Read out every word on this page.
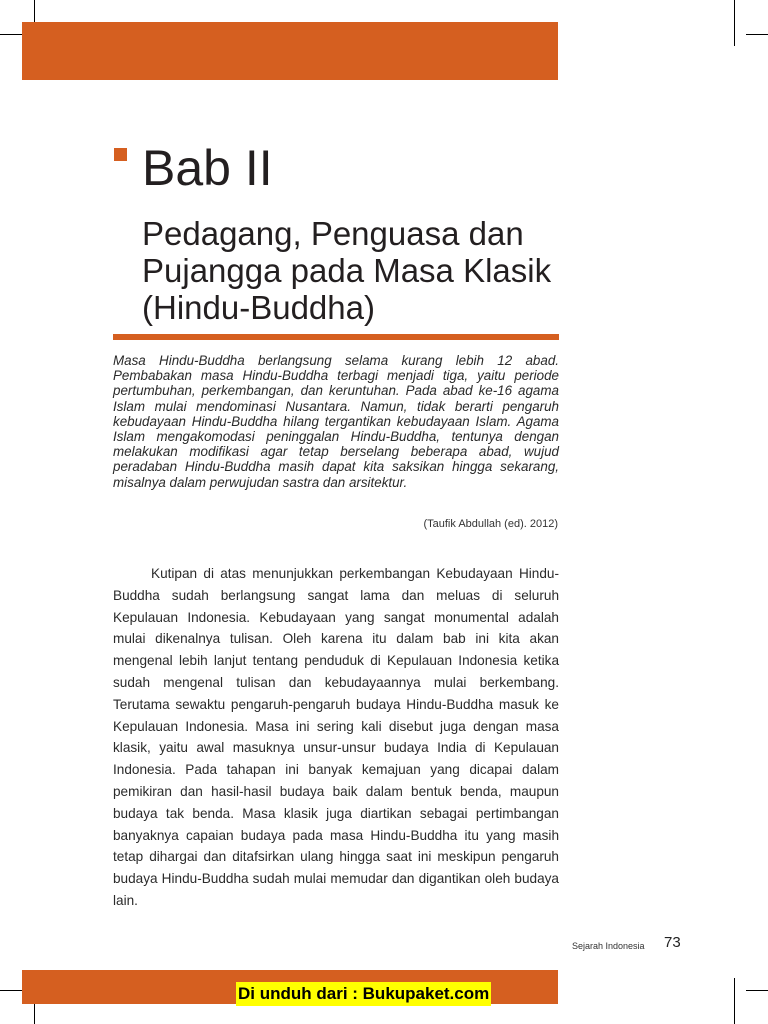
Bab II
Pedagang, Penguasa dan Pujangga pada Masa Klasik (Hindu-Buddha)

Masa Hindu-Buddha berlangsung selama kurang lebih 12 abad. Pembabakan masa Hindu-Buddha terbagi menjadi tiga, yaitu periode pertumbuhan, perkembangan, dan keruntuhan. Pada abad ke-16 agama Islam mulai mendominasi Nusantara. Namun, tidak berarti pengaruh kebudayaan Hindu-Buddha hilang tergantikan kebudayaan Islam. Agama Islam mengakomodasi peninggalan Hindu-Buddha, tentunya dengan melakukan modifikasi agar tetap berselang beberapa abad, wujud peradaban Hindu-Buddha masih dapat kita saksikan hingga sekarang, misalnya dalam perwujudan sastra dan arsitektur.

(Taufik Abdullah (ed). 2012)

Kutipan di atas menunjukkan perkembangan Kebudayaan Hindu-Buddha sudah berlangsung sangat lama dan meluas di seluruh Kepulauan Indonesia. Kebudayaan yang sangat monumental adalah mulai dikenalnya tulisan. Oleh karena itu dalam bab ini kita akan mengenal lebih lanjut tentang penduduk di Kepulauan Indonesia ketika sudah mengenal tulisan dan kebudayaannya mulai berkembang. Terutama sewaktu pengaruh-pengaruh budaya Hindu-Buddha masuk ke Kepulauan Indonesia. Masa ini sering kali disebut juga dengan masa klasik, yaitu awal masuknya unsur-unsur budaya India di Kepulauan Indonesia. Pada tahapan ini banyak kemajuan yang dicapai dalam pemikiran dan hasil-hasil budaya baik dalam bentuk benda, maupun budaya tak benda. Masa klasik juga diartikan sebagai pertimbangan banyaknya capaian budaya pada masa Hindu-Buddha itu yang masih tetap dihargai dan ditafsirkan ulang hingga saat ini meskipun pengaruh budaya Hindu-Buddha sudah mulai memudar dan digantikan oleh budaya lain.

Sejarah Indonesia 73
Di unduh dari : Bukupaket.com
